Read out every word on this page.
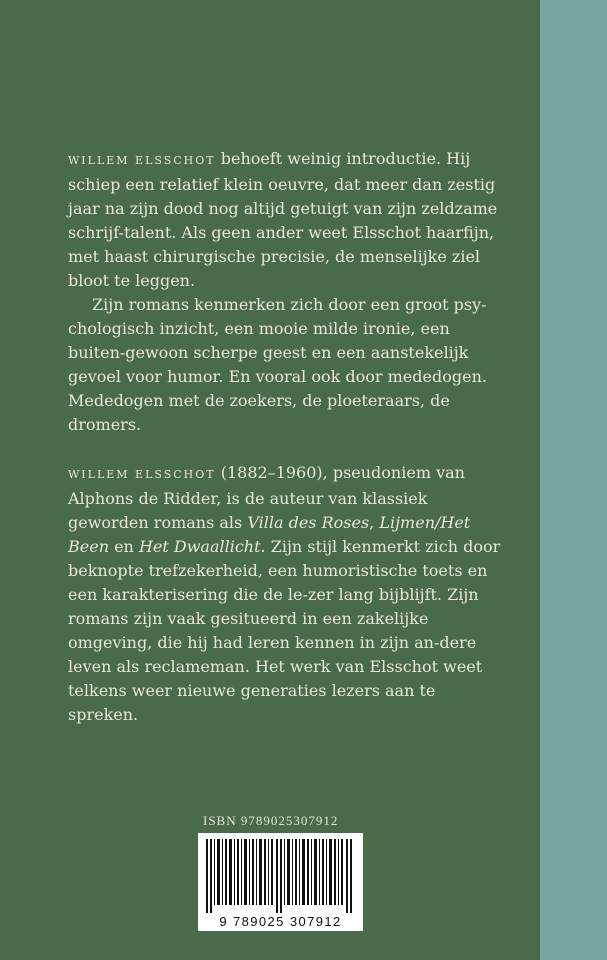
WILLEM ELSSCHOT behoeft weinig introductie. Hij schiep een relatief klein oeuvre, dat meer dan zestig jaar na zijn dood nog altijd getuigt van zijn zeldzame schrijf-talent. Als geen ander weet Elsschot haarfijn, met haast chirurgische precisie, de menselijke ziel bloot te leggen.

Zijn romans kenmerken zich door een groot psy-chologisch inzicht, een mooie milde ironie, een buiten-gewoon scherpe geest en een aanstekelijk gevoel voor humor. En vooral ook door mededogen. Mededogen met de zoekers, de ploeteraars, de dromers.

WILLEM ELSSCHOT (1882–1960), pseudoniem van Alphons de Ridder, is de auteur van klassiek geworden romans als Villa des Roses, Lijmen/Het Been en Het Dwaallicht. Zijn stijl kenmerkt zich door beknopte trefzekerheid, een humoristische toets en een karakterisering die de le-zer lang bijblijft. Zijn romans zijn vaak gesitueerd in een zakelijke omgeving, die hij had leren kennen in zijn an-dere leven als reclameman. Het werk van Elsschot weet telkens weer nieuwe generaties lezers aan te spreken.

ISBN 9789025307912
9 789025 307912
